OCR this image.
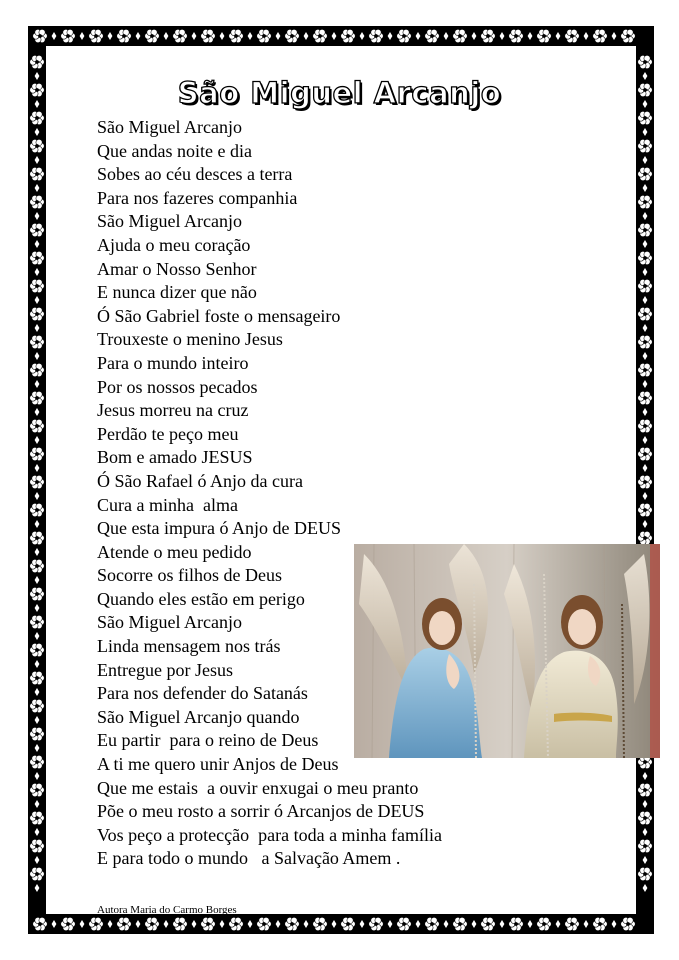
São Miguel Arcanjo
São Miguel Arcanjo
Que andas noite e dia
Sobes ao céu desces a terra
Para nos fazeres companhia
São Miguel Arcanjo
Ajuda o meu coração
Amar o Nosso Senhor
E nunca dizer que não
Ó São Gabriel foste o mensageiro
Trouxeste o menino Jesus
Para o mundo inteiro
Por os nossos pecados
Jesus morreu na cruz
Perdão te peço meu
Bom e amado JESUS
Ó São Rafael ó Anjo da cura
Cura a minha  alma
Que esta impura ó Anjo de DEUS
Atende o meu pedido
Socorre os filhos de Deus
Quando eles estão em perigo
São Miguel Arcanjo
Linda mensagem nos trás
Entregue por Jesus
Para nos defender do Satanás
São Miguel Arcanjo quando
Eu partir  para o reino de Deus
A ti me quero unir Anjos de Deus
Que me estais  a ouvir enxugai o meu pranto
Põe o meu rosto a sorrir ó Arcanjos de DEUS
Vos peço a protecção  para toda a minha família
E para todo o mundo   a Salvação Amem .
Autora Maria do Carmo Borges
